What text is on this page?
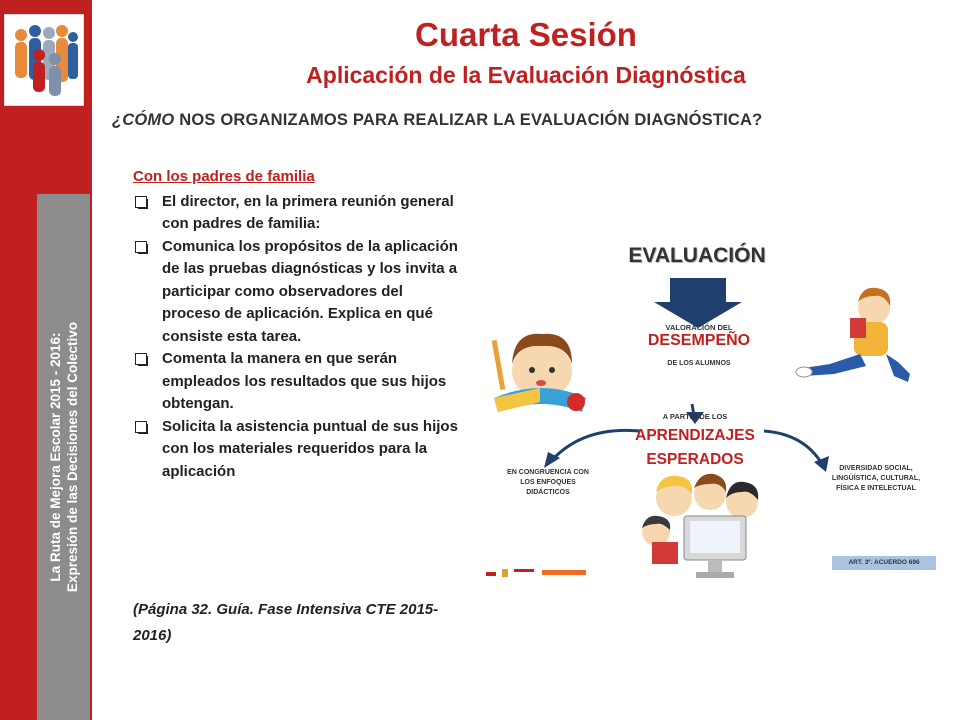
La Ruta de Mejora Escolar 2015 - 2016: Expresión de las Decisiones del Colectivo
Cuarta Sesión
Aplicación de la Evaluación Diagnóstica
¿CÓMO NOS ORGANIZAMOS PARA REALIZAR LA EVALUACIÓN DIAGNÓSTICA?
Con los padres de familia
El director, en la primera reunión general con padres de familia:
Comunica los propósitos de la aplicación de las pruebas diagnósticas y los invita a participar como observadores del proceso de aplicación. Explica en qué consiste esta tarea.
Comenta la manera en que serán empleados los resultados que sus hijos obtengan.
Solicita la asistencia puntual de sus hijos con los materiales requeridos para la aplicación
(Página 32. Guía. Fase Intensiva CTE 2015-2016)
EVALUACIÓN
VALORACIÓN DEL
DESEMPEÑO
DE LOS ALUMNOS
A PARTIR DE LOS
APRENDIZAJES
ESPERADOS
EN CONGRUENCIA CON
LOS ENFOQUES
DIDÁCTICOS
DIVERSIDAD SOCIAL,
LINGÜÍSTICA, CULTURAL,
FÍSICA E INTELECTUAL
ART. 3º. ACUERDO 696
